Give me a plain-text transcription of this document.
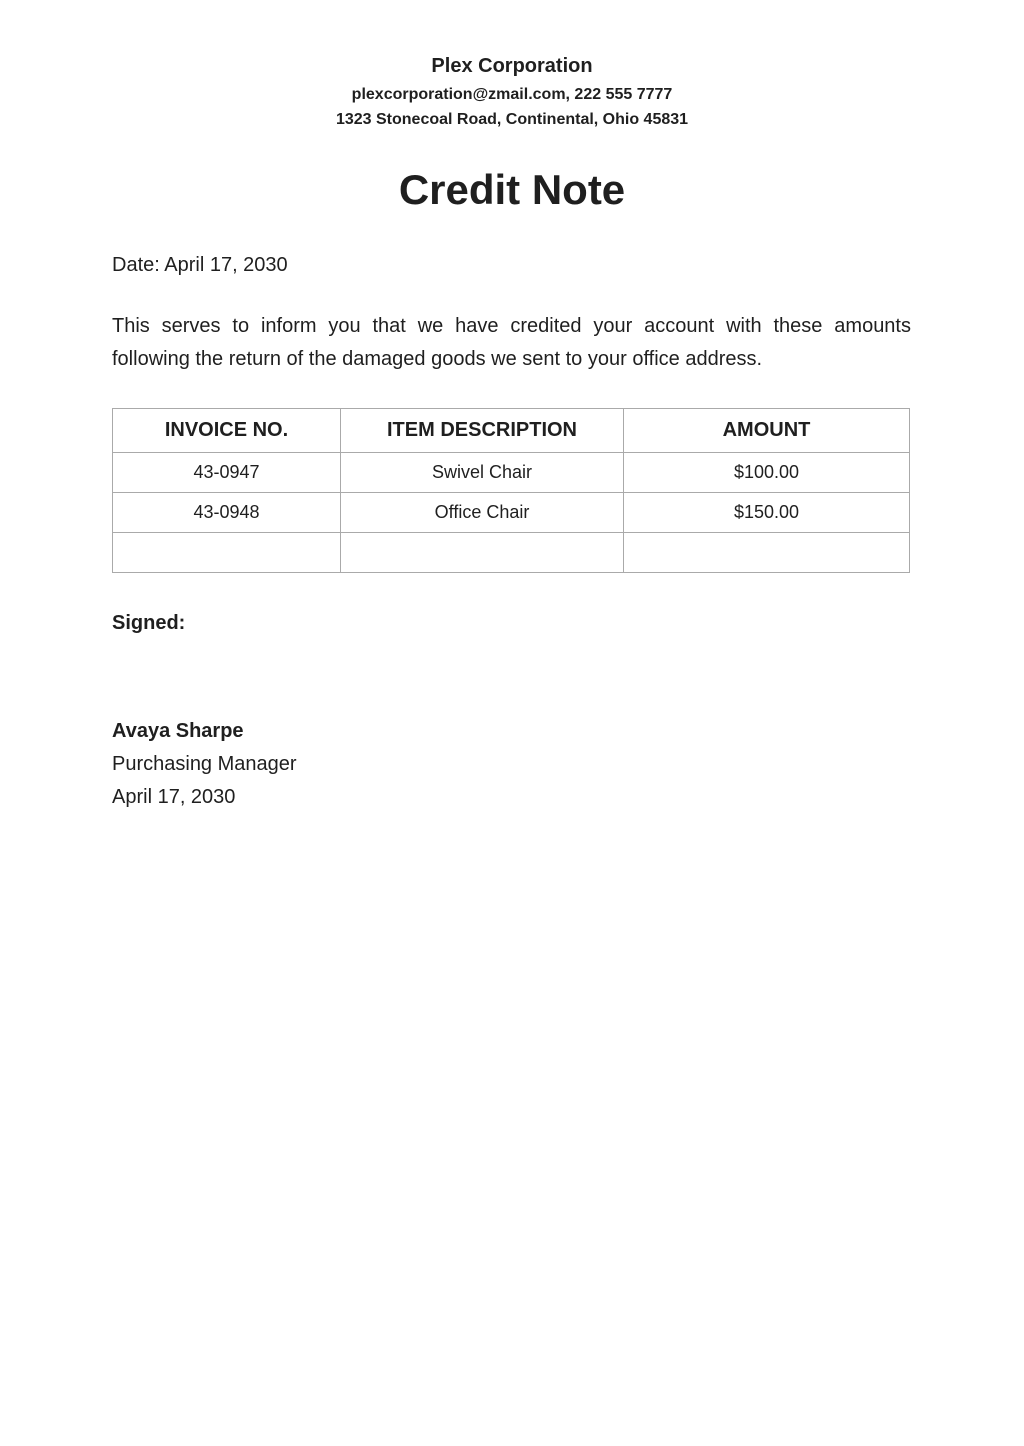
Plex Corporation
plexcorporation@zmail.com, 222 555 7777
1323 Stonecoal Road, Continental, Ohio 45831
Credit Note
Date: April 17, 2030
This serves to inform you that we have credited your account with these amounts following the return of the damaged goods we sent to your office address.
INVOICE NO.	ITEM DESCRIPTION	AMOUNT
43-0947	Swivel Chair	$100.00
43-0948	Office Chair	$150.00

Signed:
Avaya Sharpe
Purchasing Manager
April 17, 2030
